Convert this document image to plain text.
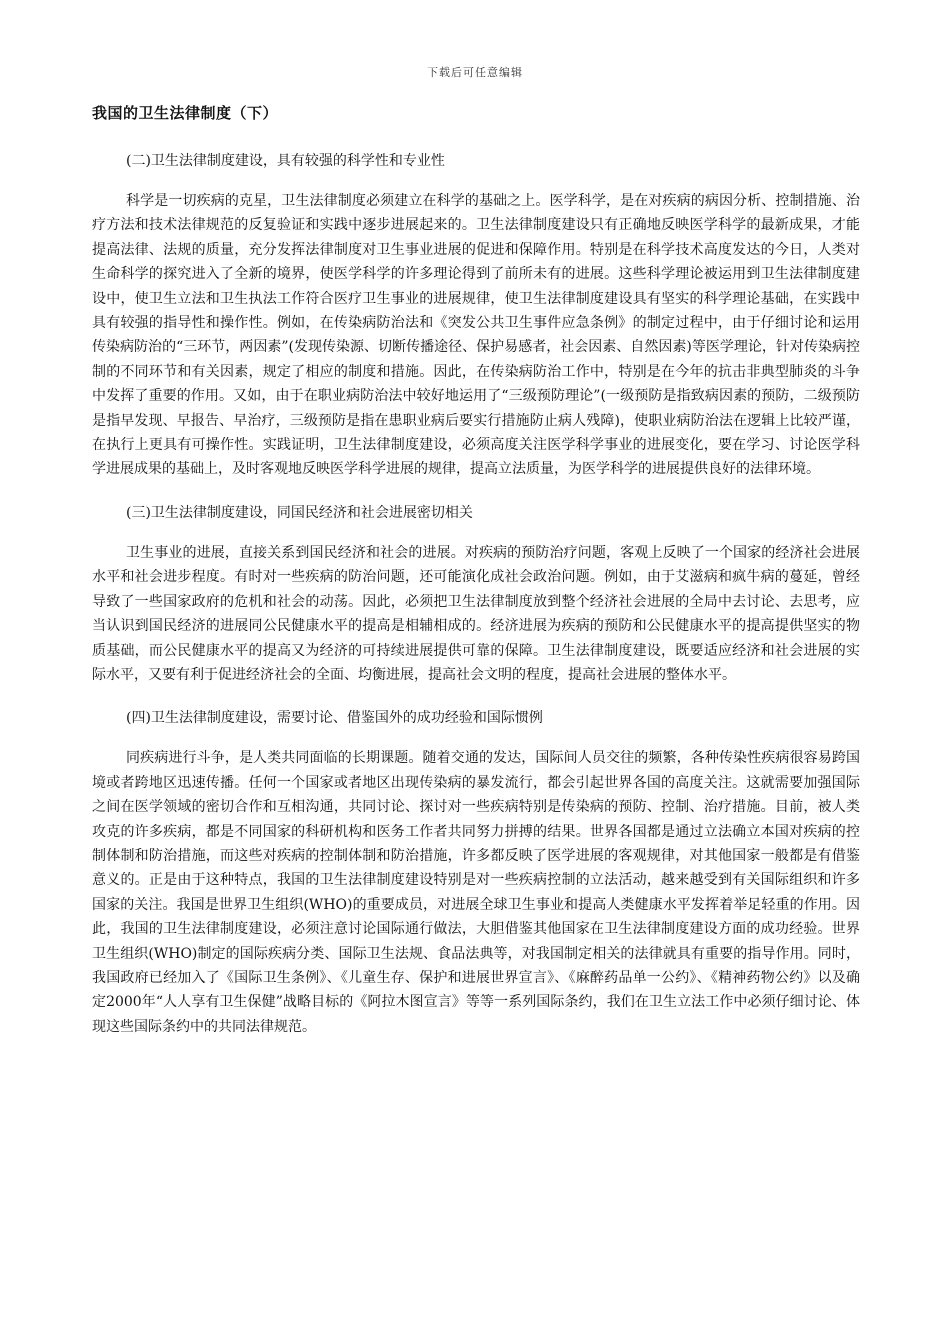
下载后可任意编辑
我国的卫生法律制度（下）

(二)卫生法律制度建设，具有较强的科学性和专业性

科学是一切疾病的克星，卫生法律制度必须建立在科学的基础之上。医学科学，是在对疾病的病因分析、控制措施、治疗方法和技术法律规范的反复验证和实践中逐步进展起来的。卫生法律制度建设只有正确地反映医学科学的最新成果，才能提高法律、法规的质量，充分发挥法律制度对卫生事业进展的促进和保障作用。特别是在科学技术高度发达的今日，人类对生命科学的探究进入了全新的境界，使医学科学的许多理论得到了前所未有的进展。这些科学理论被运用到卫生法律制度建设中，使卫生立法和卫生执法工作符合医疗卫生事业的进展规律，使卫生法律制度建设具有坚实的科学理论基础，在实践中具有较强的指导性和操作性。例如，在传染病防治法和《突发公共卫生事件应急条例》的制定过程中，由于仔细讨论和运用传染病防治的“三环节，两因素”(发现传染源、切断传播途径、保护易感者，社会因素、自然因素)等医学理论，针对传染病控制的不同环节和有关因素，规定了相应的制度和措施。因此，在传染病防治工作中，特别是在今年的抗击非典型肺炎的斗争中发挥了重要的作用。又如，由于在职业病防治法中较好地运用了“三级预防理论”(一级预防是指致病因素的预防，二级预防是指早发现、早报告、早治疗，三级预防是指在患职业病后要实行措施防止病人残障)，使职业病防治法在逻辑上比较严谨，在执行上更具有可操作性。实践证明，卫生法律制度建设，必须高度关注医学科学事业的进展变化，要在学习、讨论医学科学进展成果的基础上，及时客观地反映医学科学进展的规律，提高立法质量，为医学科学的进展提供良好的法律环境。

(三)卫生法律制度建设，同国民经济和社会进展密切相关

卫生事业的进展，直接关系到国民经济和社会的进展。对疾病的预防治疗问题，客观上反映了一个国家的经济社会进展水平和社会进步程度。有时对一些疾病的防治问题，还可能演化成社会政治问题。例如，由于艾滋病和疯牛病的蔓延，曾经导致了一些国家政府的危机和社会的动荡。因此，必须把卫生法律制度放到整个经济社会进展的全局中去讨论、去思考，应当认识到国民经济的进展同公民健康水平的提高是相辅相成的。经济进展为疾病的预防和公民健康水平的提高提供坚实的物质基础，而公民健康水平的提高又为经济的可持续进展提供可靠的保障。卫生法律制度建设，既要适应经济和社会进展的实际水平，又要有利于促进经济社会的全面、均衡进展，提高社会文明的程度，提高社会进展的整体水平。

(四)卫生法律制度建设，需要讨论、借鉴国外的成功经验和国际惯例

同疾病进行斗争，是人类共同面临的长期课题。随着交通的发达，国际间人员交往的频繁，各种传染性疾病很容易跨国境或者跨地区迅速传播。任何一个国家或者地区出现传染病的暴发流行，都会引起世界各国的高度关注。这就需要加强国际之间在医学领域的密切合作和互相沟通，共同讨论、探讨对一些疾病特别是传染病的预防、控制、治疗措施。目前，被人类攻克的许多疾病，都是不同国家的科研机构和医务工作者共同努力拼搏的结果。世界各国都是通过立法确立本国对疾病的控制体制和防治措施，而这些对疾病的控制体制和防治措施，许多都反映了医学进展的客观规律，对其他国家一般都是有借鉴意义的。正是由于这种特点，我国的卫生法律制度建设特别是对一些疾病控制的立法活动，越来越受到有关国际组织和许多国家的关注。我国是世界卫生组织(WHO)的重要成员，对进展全球卫生事业和提高人类健康水平发挥着举足轻重的作用。因此，我国的卫生法律制度建设，必须注意讨论国际通行做法，大胆借鉴其他国家在卫生法律制度建设方面的成功经验。世界卫生组织(WHO)制定的国际疾病分类、国际卫生法规、食品法典等，对我国制定相关的法律就具有重要的指导作用。同时，我国政府已经加入了《国际卫生条例》、《儿童生存、保护和进展世界宣言》、《麻醉药品单一公约》、《精神药物公约》以及确定2000年“人人享有卫生保健”战略目标的《阿拉木图宣言》等等一系列国际条约，我们在卫生立法工作中必须仔细讨论、体现这些国际条约中的共同法律规范。
